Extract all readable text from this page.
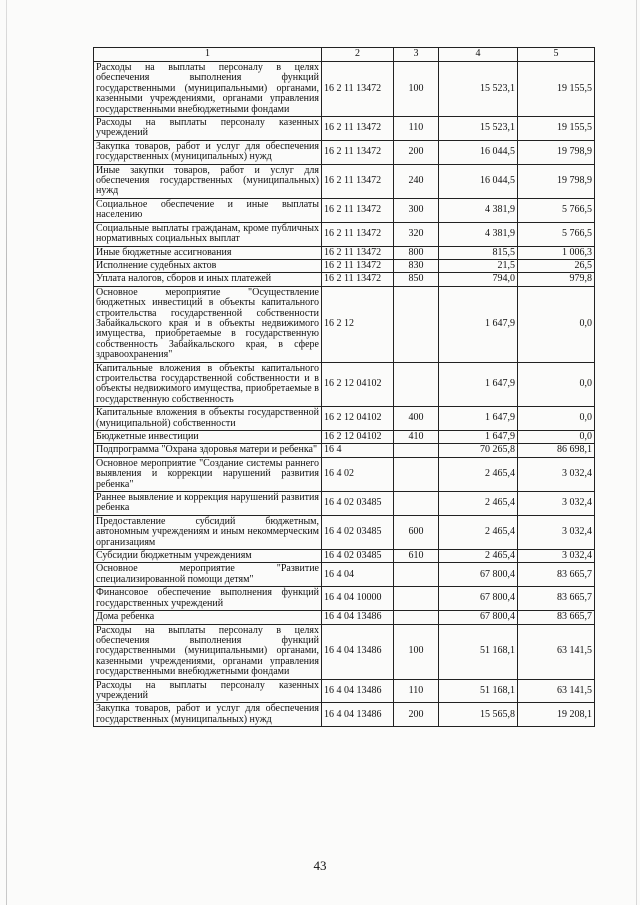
1	2	3	4	5
Расходы на выплаты персоналу в целях обеспечения выполнения функций государственными (муниципальными) органами, казенными учреждениями, органами управления государственными внебюджетными фондами	16 2 11 13472	100	15 523,1	19 155,5
Расходы на выплаты персоналу казенных учреждений	16 2 11 13472	110	15 523,1	19 155,5
Закупка товаров, работ и услуг для обеспечения государственных (муниципальных) нужд	16 2 11 13472	200	16 044,5	19 798,9
Иные закупки товаров, работ и услуг для обеспечения государственных (муниципальных) нужд	16 2 11 13472	240	16 044,5	19 798,9
Социальное обеспечение и иные выплаты населению	16 2 11 13472	300	4 381,9	5 766,5
Социальные выплаты гражданам, кроме публичных нормативных социальных выплат	16 2 11 13472	320	4 381,9	5 766,5
Иные бюджетные ассигнования	16 2 11 13472	800	815,5	1 006,3
Исполнение судебных актов	16 2 11 13472	830	21,5	26,5
Уплата налогов, сборов и иных платежей	16 2 11 13472	850	794,0	979,8
Основное мероприятие "Осуществление бюджетных инвестиций в объекты капитального строительства государственной собственности Забайкальского края и в объекты недвижимого имущества, приобретаемые в государственную собственность Забайкальского края, в сфере здравоохранения"	16 2 12		1 647,9	0,0
Капитальные вложения в объекты капитального строительства государственной собственности и в объекты недвижимого имущества, приобретаемые в государственную собственность	16 2 12 04102		1 647,9	0,0
Капитальные вложения в объекты государственной (муниципальной) собственности	16 2 12 04102	400	1 647,9	0,0
Бюджетные инвестиции	16 2 12 04102	410	1 647,9	0,0
Подпрограмма "Охрана здоровья матери и ребенка"	16 4		70 265,8	86 698,1
Основное мероприятие "Создание системы раннего выявления и коррекции нарушений развития ребенка"	16 4 02		2 465,4	3 032,4
Раннее выявление и коррекция нарушений развития ребенка	16 4 02 03485		2 465,4	3 032,4
Предоставление субсидий бюджетным, автономным учреждениям и иным некоммерческим организациям	16 4 02 03485	600	2 465,4	3 032,4
Субсидии бюджетным учреждениям	16 4 02 03485	610	2 465,4	3 032,4
Основное мероприятие "Развитие специализированной помощи детям"	16 4 04		67 800,4	83 665,7
Финансовое обеспечение выполнения функций государственных учреждений	16 4 04 10000		67 800,4	83 665,7
Дома ребенка	16 4 04 13486		67 800,4	83 665,7
Расходы на выплаты персоналу в целях обеспечения выполнения функций государственными (муниципальными) органами, казенными учреждениями, органами управления государственными внебюджетными фондами	16 4 04 13486	100	51 168,1	63 141,5
Расходы на выплаты персоналу казенных учреждений	16 4 04 13486	110	51 168,1	63 141,5
Закупка товаров, работ и услуг для обеспечения государственных (муниципальных) нужд	16 4 04 13486	200	15 565,8	19 208,1
43
